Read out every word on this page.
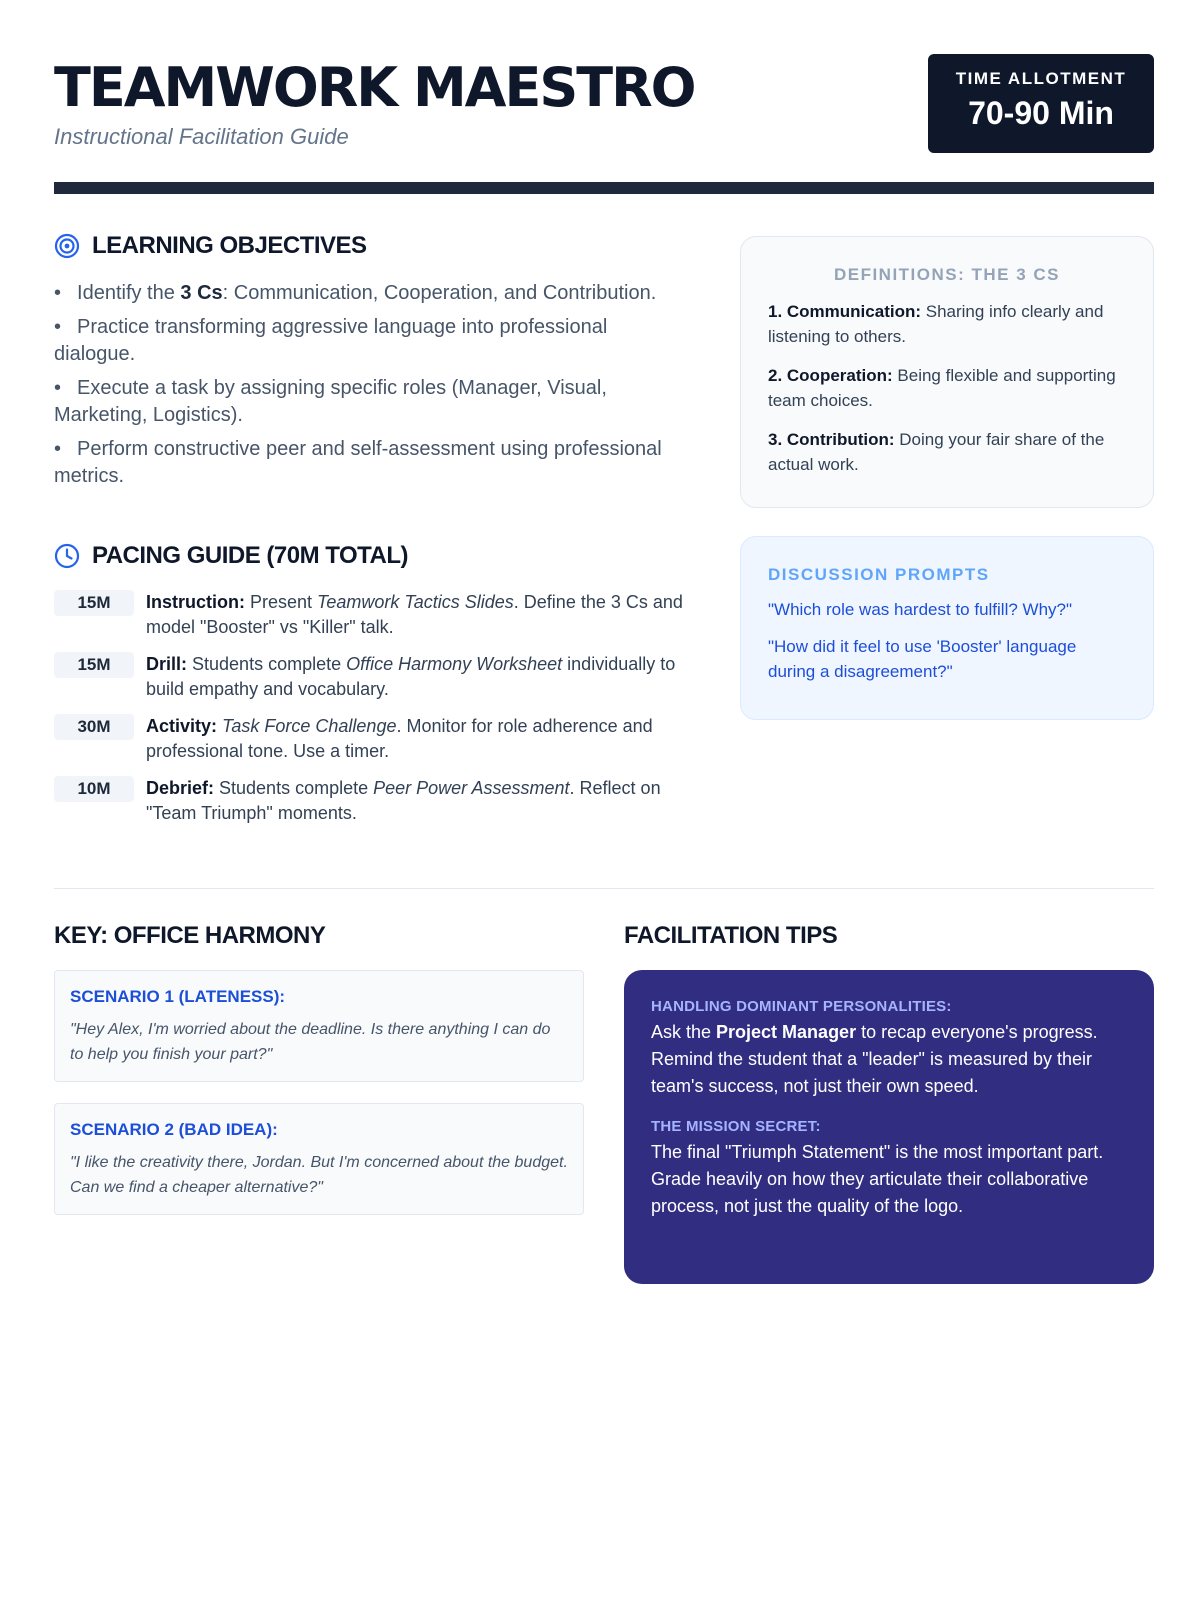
TEAMWORK MAESTRO
Instructional Facilitation Guide
TIME ALLOTMENT
70-90 Min
LEARNING OBJECTIVES
• Identify the 3 Cs: Communication, Cooperation, and Contribution.
• Practice transforming aggressive language into professional dialogue.
• Execute a task by assigning specific roles (Manager, Visual, Marketing, Logistics).
• Perform constructive peer and self-assessment using professional metrics.
PACING GUIDE (70M TOTAL)
15M	Instruction: Present Teamwork Tactics Slides. Define the 3 Cs and model "Booster" vs "Killer" talk.
15M	Drill: Students complete Office Harmony Worksheet individually to build empathy and vocabulary.
30M	Activity: Task Force Challenge. Monitor for role adherence and professional tone. Use a timer.
10M	Debrief: Students complete Peer Power Assessment. Reflect on "Team Triumph" moments.
DEFINITIONS: THE 3 CS
1. Communication: Sharing info clearly and listening to others.
2. Cooperation: Being flexible and supporting team choices.
3. Contribution: Doing your fair share of the actual work.
DISCUSSION PROMPTS
"Which role was hardest to fulfill? Why?"
"How did it feel to use 'Booster' language during a disagreement?"
KEY: OFFICE HARMONY
SCENARIO 1 (LATENESS):
"Hey Alex, I'm worried about the deadline. Is there anything I can do to help you finish your part?"
SCENARIO 2 (BAD IDEA):
"I like the creativity there, Jordan. But I'm concerned about the budget. Can we find a cheaper alternative?"
FACILITATION TIPS
HANDLING DOMINANT PERSONALITIES:
Ask the Project Manager to recap everyone's progress. Remind the student that a "leader" is measured by their team's success, not just their own speed.
THE MISSION SECRET:
The final "Triumph Statement" is the most important part. Grade heavily on how they articulate their collaborative process, not just the quality of the logo.
